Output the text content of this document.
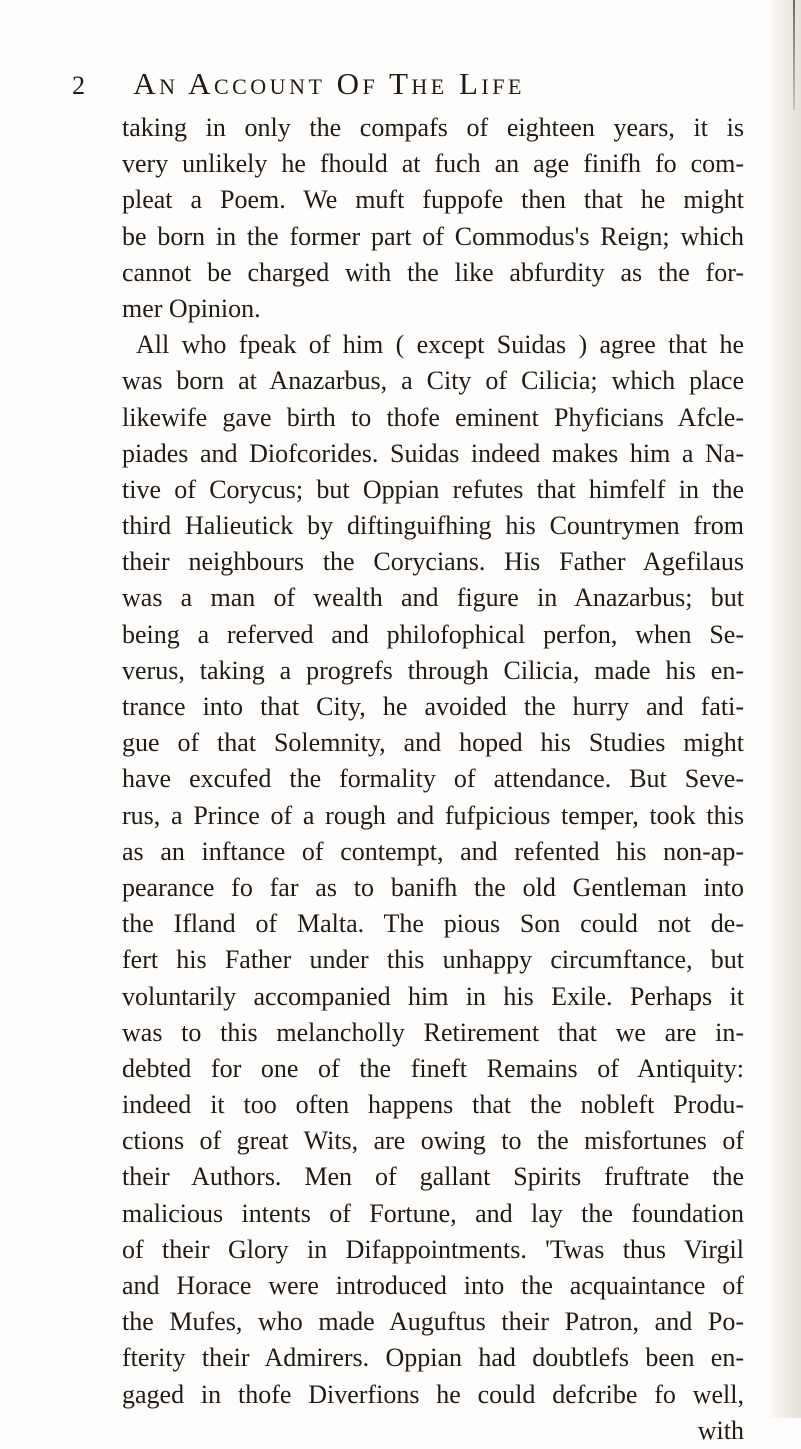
2 An Account Of The Life
taking in only the compafs of eighteen years, it is
very unlikely he fhould at fuch an age finifh fo com-
pleat a Poem. We muft fuppofe then that he might
be born in the former part of Commodus's Reign; which
cannot be charged with the like abfurdity as the for-
mer Opinion.
All who fpeak of him ( except Suidas ) agree that he
was born at Anazarbus, a City of Cilicia; which place
likewife gave birth to thofe eminent Phyficians Afcle-
piades and Diofcorides. Suidas indeed makes him a Na-
tive of Corycus; but Oppian refutes that himfelf in the
third Halieutick by diftinguifhing his Countrymen from
their neighbours the Corycians. His Father Agefilaus
was a man of wealth and figure in Anazarbus; but
being a referved and philofophical perfon, when Se-
verus, taking a progrefs through Cilicia, made his en-
trance into that City, he avoided the hurry and fati-
gue of that Solemnity, and hoped his Studies might
have excufed the formality of attendance. But Seve-
rus, a Prince of a rough and fufpicious temper, took this
as an inftance of contempt, and refented his non-ap-
pearance fo far as to banifh the old Gentleman into
the Ifland of Malta. The pious Son could not de-
fert his Father under this unhappy circumftance, but
voluntarily accompanied him in his Exile. Perhaps it
was to this melancholly Retirement that we are in-
debted for one of the fineft Remains of Antiquity:
indeed it too often happens that the nobleft Produ-
ctions of great Wits, are owing to the misfortunes of
their Authors. Men of gallant Spirits fruftrate the
malicious intents of Fortune, and lay the foundation
of their Glory in Difappointments. 'Twas thus Virgil
and Horace were introduced into the acquaintance of
the Mufes, who made Auguftus their Patron, and Po-
fterity their Admirers. Oppian had doubtlefs been en-
gaged in thofe Diverfions he could defcribe fo well,
with
